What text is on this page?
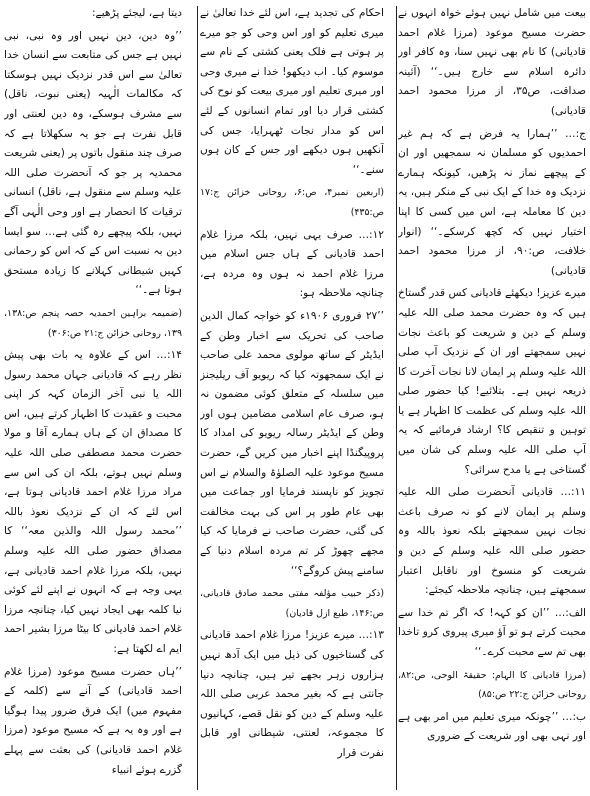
بیعت میں شامل نہیں ہوئے خواہ انہوں نے حضرت مسیح موعود (مرزا غلام احمد قادیانی) کا نام بھی نہیں سنا، وہ کافر اور دائرہ اسلام سے خارج ہیں۔‘‘ (آئینہ صداقت، ص۳۵، از مرزا محمود احمد قادیانی)

ج:… ’’ہمارا یہ فرض ہے کہ ہم غیر احمدیوں کو مسلمان نہ سمجھیں اور ان کے پیچھے نماز نہ پڑھیں، کیونکہ ہمارے نزدیک وہ خدا کے ایک نبی کے منکر ہیں، یہ دین کا معاملہ ہے، اس میں کسی کا اپنا اختیار نہیں کہ کچھ کرسکے۔‘‘ (انوار خلافت، ص:۹۰، از مرزا محمود احمد قادیانی)

میرے عزیز! دیکھئے قادیانی کس قدر گستاخ ہیں کہ وہ حضرت محمد صلی اللہ علیہ وسلم کے دین و شریعت کو باعث نجات نہیں سمجھتے اور ان کے نزدیک آپ صلی اللہ علیہ وسلم پر ایمان لانا نجات آخرت کا ذریعہ نہیں ہے۔ بتلائیے! کیا حضور صلی اللہ علیہ وسلم کی عظمت کا اظہار ہے یا توہین و تنقیص کا؟ ارشاد فرمائیے کہ یہ آپ صلی اللہ علیہ وسلم کی شان میں گستاخی ہے یا مدح سرائی؟

۱۱:… قادیانی آنحضرت صلی اللہ علیہ وسلم پر ایمان لانے کو نہ صرف باعث نجات نہیں سمجھتے بلکہ نعوذ باللہ وہ حضور صلی اللہ علیہ وسلم کے دین و شریعت کو منسوخ اور ناقابل اعتبار سمجھتے ہیں، چنانچہ ملاحظہ کیجئے:

الف:… ’’ان کو کہہ! کہ اگر تم خدا سے محبت کرتے ہو تو آؤ میری پیروی کرو تاخدا بھی تم سے محبت کرے۔‘‘

(مرزا قادیانی کا الہام: حقیقۃ الوحی، ص:۸۲، روحانی خزائن ج:۲۲ ص:۸۵)

ب:… ’’چونکہ میری تعلیم میں امر بھی ہے اور نہی بھی اور شریعت کے ضروری

احکام کی تجدید ہے، اس لئے خدا تعالیٰ نے میری تعلیم کو اور اس وحی کو جو میرے پر ہوتی ہے فلک یعنی کشتی کے نام سے موسوم کیا۔ اب دیکھو! خدا نے میری وحی اور میری تعلیم اور میری بیعت کو نوح کی کشتی قرار دیا اور تمام انسانوں کے لئے اس کو مدار نجات ٹھہرایا، جس کی آنکھیں ہوں دیکھے اور جس کے کان ہوں سنے۔‘‘

(اربعین نمبر۴، ص:۶، روحانی خزائن ج:۱۷ ص:۴۳۵)

۱۲:… صرف یہی نہیں، بلکہ مرزا غلام احمد قادیانی کے ہاں جس اسلام میں مرزا غلام احمد نہ ہوں وہ مردہ ہے، چنانچہ ملاحظہ ہو:

’’۲۷ فروری ۱۹۰۶ء کو خواجہ کمال الدین صاحب کی تحریک سے اخبار وطن کے ایڈیٹر کے ساتھ مولوی محمد علی صاحب نے ایک سمجھوتہ کیا کہ ریویو آف ریلیجنز میں سلسلہ کے متعلق کوئی مضمون نہ ہو، صرف عام اسلامی مضامین ہوں اور وطن کے ایڈیٹر رسالہ ریویو کی امداد کا پروپیگنڈا اپنے اخبار میں کریں گے، حضرت مسیح موعود علیہ الصلوٰۃ والسلام نے اس تجویز کو ناپسند فرمایا اور جماعت میں بھی عام طور پر اس کی بہت مخالفت کی گئی، حضرت صاحب نے فرمایا کہ کیا مجھے چھوڑ کر تم مردہ اسلام دنیا کے سامنے پیش کروگے؟‘‘

(ذکر حبیب مؤلفہ مفتی محمد صادق قادیانی، ص:۱۴۶، طبع ازل قادیان)

۱۳:… میرے عزیز! مرزا غلام احمد قادیانی کی گستاخیوں کی ذیل میں ایک آدھ نہیں ہزاروں زہر بجھے تیر ہیں، چنانچہ دنیا جانتی ہے کہ بغیر محمد عربی صلی اللہ علیہ وسلم کے دین کو نقل قصے، کہانیوں کا مجموعہ، لعنتی، شیطانی اور قابل نفرت قرار

دیتا ہے، لیجئے پڑھیے:

’’وہ دین، دین نہیں اور وہ نبی، نبی نہیں ہے جس کی متابعت سے انسان خدا تعالیٰ سے اس قدر نزدیک نہیں ہوسکتا کہ مکالمات الٰہیہ (یعنی نبوت، ناقل) سے مشرف ہوسکے، وہ دین لعنتی اور قابل نفرت ہے جو یہ سکھلاتا ہے کہ صرف چند منقول باتوں پر (یعنی شریعت محمدیہ پر جو کہ آنحضرت صلی اللہ علیہ وسلم سے منقول ہے، ناقل) انسانی ترقیات کا انحصار ہے اور وحی الٰہی آگے نہیں، بلکہ پیچھے رہ گئی ہے… سو ایسا دین بہ نسبت اس کے کہ اس کو رحمانی کہیں شیطانی کہلانے کا زیادہ مستحق ہوتا ہے۔‘‘

(ضمیمہ براہین احمدیہ حصہ پنجم ص:۱۳۸، ۱۳۹، روحانی خزائن ج:۲۱ ص:۳۰۶)

۱۴:… اس کے علاوہ یہ بات بھی پیش نظر رہے کہ قادیانی جہاں محمد رسول اللہ یا نبی آخر الزمان کہہ کر اپنی محبت و عقیدت کا اظہار کرتے ہیں، اس کا مصداق ان کے ہاں ہمارے آقا و مولا حضرت محمد مصطفی صلی اللہ علیہ وسلم نہیں ہوتے، بلکہ ان کی اس سے مراد مرزا غلام احمد قادیانی ہوتا ہے، اس لئے کہ ان کے نزدیک نعوذ باللہ ’’محمد رسول اللہ والذین معہ‘‘ کا مصداق حضور صلی اللہ علیہ وسلم نہیں، بلکہ مرزا غلام احمد قادیانی ہے، یہی وجہ ہے کہ انہوں نے اپنے لئے کوئی نیا کلمہ بھی ایجاد نہیں کیا، چنانچہ مرزا غلام احمد قادیانی کا بیٹا مرزا بشیر احمد ایم اے لکھتا ہے:

’’ہاں حضرت مسیح موعود (مرزا غلام احمد قادیانی) کے آنے سے (کلمہ کے مفہوم میں) ایک فرق ضرور پیدا ہوگیا ہے اور وہ یہ ہے کہ مسیح موعود (مرزا غلام احمد قادیانی) کی بعثت سے پہلے گزرے ہوئے انبیاء
